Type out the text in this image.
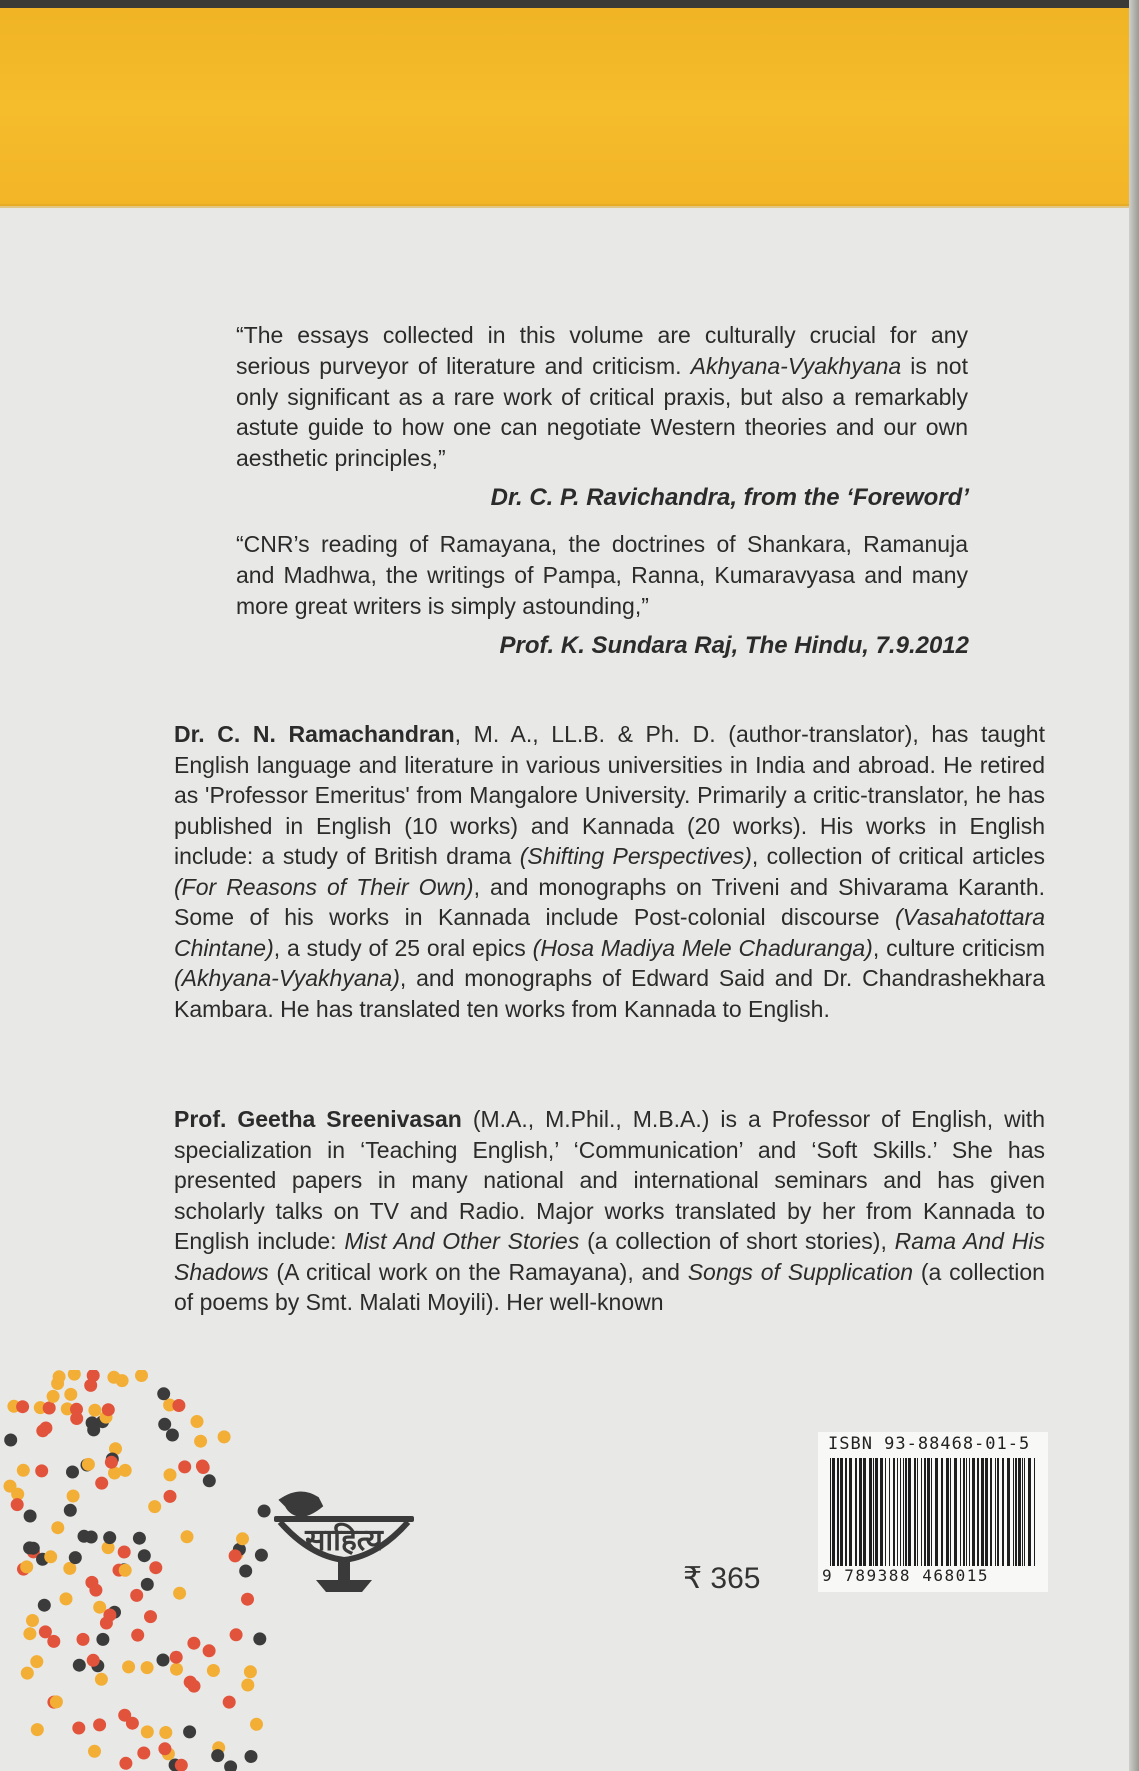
“The essays collected in this volume are culturally crucial for any serious purveyor of literature and criticism. Akhyana-Vyakhyana is not only significant as a rare work of critical praxis, but also a remarkably astute guide to how one can negotiate Western theories and our own aesthetic principles,”

Dr. C. P. Ravichandra, from the ‘Foreword’

“CNR’s reading of Ramayana, the doctrines of Shankara, Ramanuja and Madhwa, the writings of Pampa, Ranna, Kumaravyasa and many more great writers is simply astounding,”

Prof. K. Sundara Raj, The Hindu, 7.9.2012

Dr. C. N. Ramachandran, M. A., LL.B. & Ph. D. (author-translator), has taught English language and literature in various universities in India and abroad. He retired as 'Professor Emeritus' from Mangalore University. Primarily a critic-translator, he has published in English (10 works) and Kannada (20 works). His works in English include: a study of British drama (Shifting Perspectives), collection of critical articles (For Reasons of Their Own), and monographs on Triveni and Shivarama Karanth. Some of his works in Kannada include Post-colonial discourse (Vasahatottara Chintane), a study of 25 oral epics (Hosa Madiya Mele Chaduranga), culture criticism (Akhyana-Vyakhyana), and monographs of Edward Said and Dr. Chandrashekhara Kambara. He has translated ten works from Kannada to English.

Prof. Geetha Sreenivasan (M.A., M.Phil., M.B.A.) is a Professor of English, with specialization in ‘Teaching English,’ ‘Communication’ and ‘Soft Skills.’ She has presented papers in many national and international seminars and has given scholarly talks on TV and Radio. Major works translated by her from Kannada to English include: Mist And Other Stories (a collection of short stories), Rama And His Shadows (A critical work on the Ramayana), and Songs of Supplication (a collection of poems by Smt. Malati Moyili). Her well-known

साहित्य
₹ 365
ISBN 93-88468-01-5
9 789388 468015
